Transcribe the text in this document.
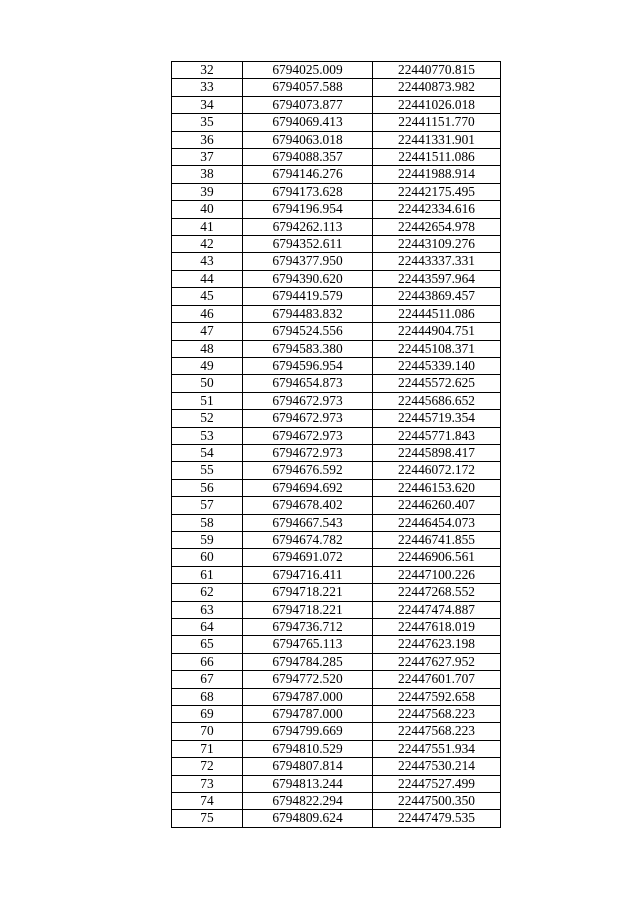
32	6794025.009	22440770.815
33	6794057.588	22440873.982
34	6794073.877	22441026.018
35	6794069.413	22441151.770
36	6794063.018	22441331.901
37	6794088.357	22441511.086
38	6794146.276	22441988.914
39	6794173.628	22442175.495
40	6794196.954	22442334.616
41	6794262.113	22442654.978
42	6794352.611	22443109.276
43	6794377.950	22443337.331
44	6794390.620	22443597.964
45	6794419.579	22443869.457
46	6794483.832	22444511.086
47	6794524.556	22444904.751
48	6794583.380	22445108.371
49	6794596.954	22445339.140
50	6794654.873	22445572.625
51	6794672.973	22445686.652
52	6794672.973	22445719.354
53	6794672.973	22445771.843
54	6794672.973	22445898.417
55	6794676.592	22446072.172
56	6794694.692	22446153.620
57	6794678.402	22446260.407
58	6794667.543	22446454.073
59	6794674.782	22446741.855
60	6794691.072	22446906.561
61	6794716.411	22447100.226
62	6794718.221	22447268.552
63	6794718.221	22447474.887
64	6794736.712	22447618.019
65	6794765.113	22447623.198
66	6794784.285	22447627.952
67	6794772.520	22447601.707
68	6794787.000	22447592.658
69	6794787.000	22447568.223
70	6794799.669	22447568.223
71	6794810.529	22447551.934
72	6794807.814	22447530.214
73	6794813.244	22447527.499
74	6794822.294	22447500.350
75	6794809.624	22447479.535
